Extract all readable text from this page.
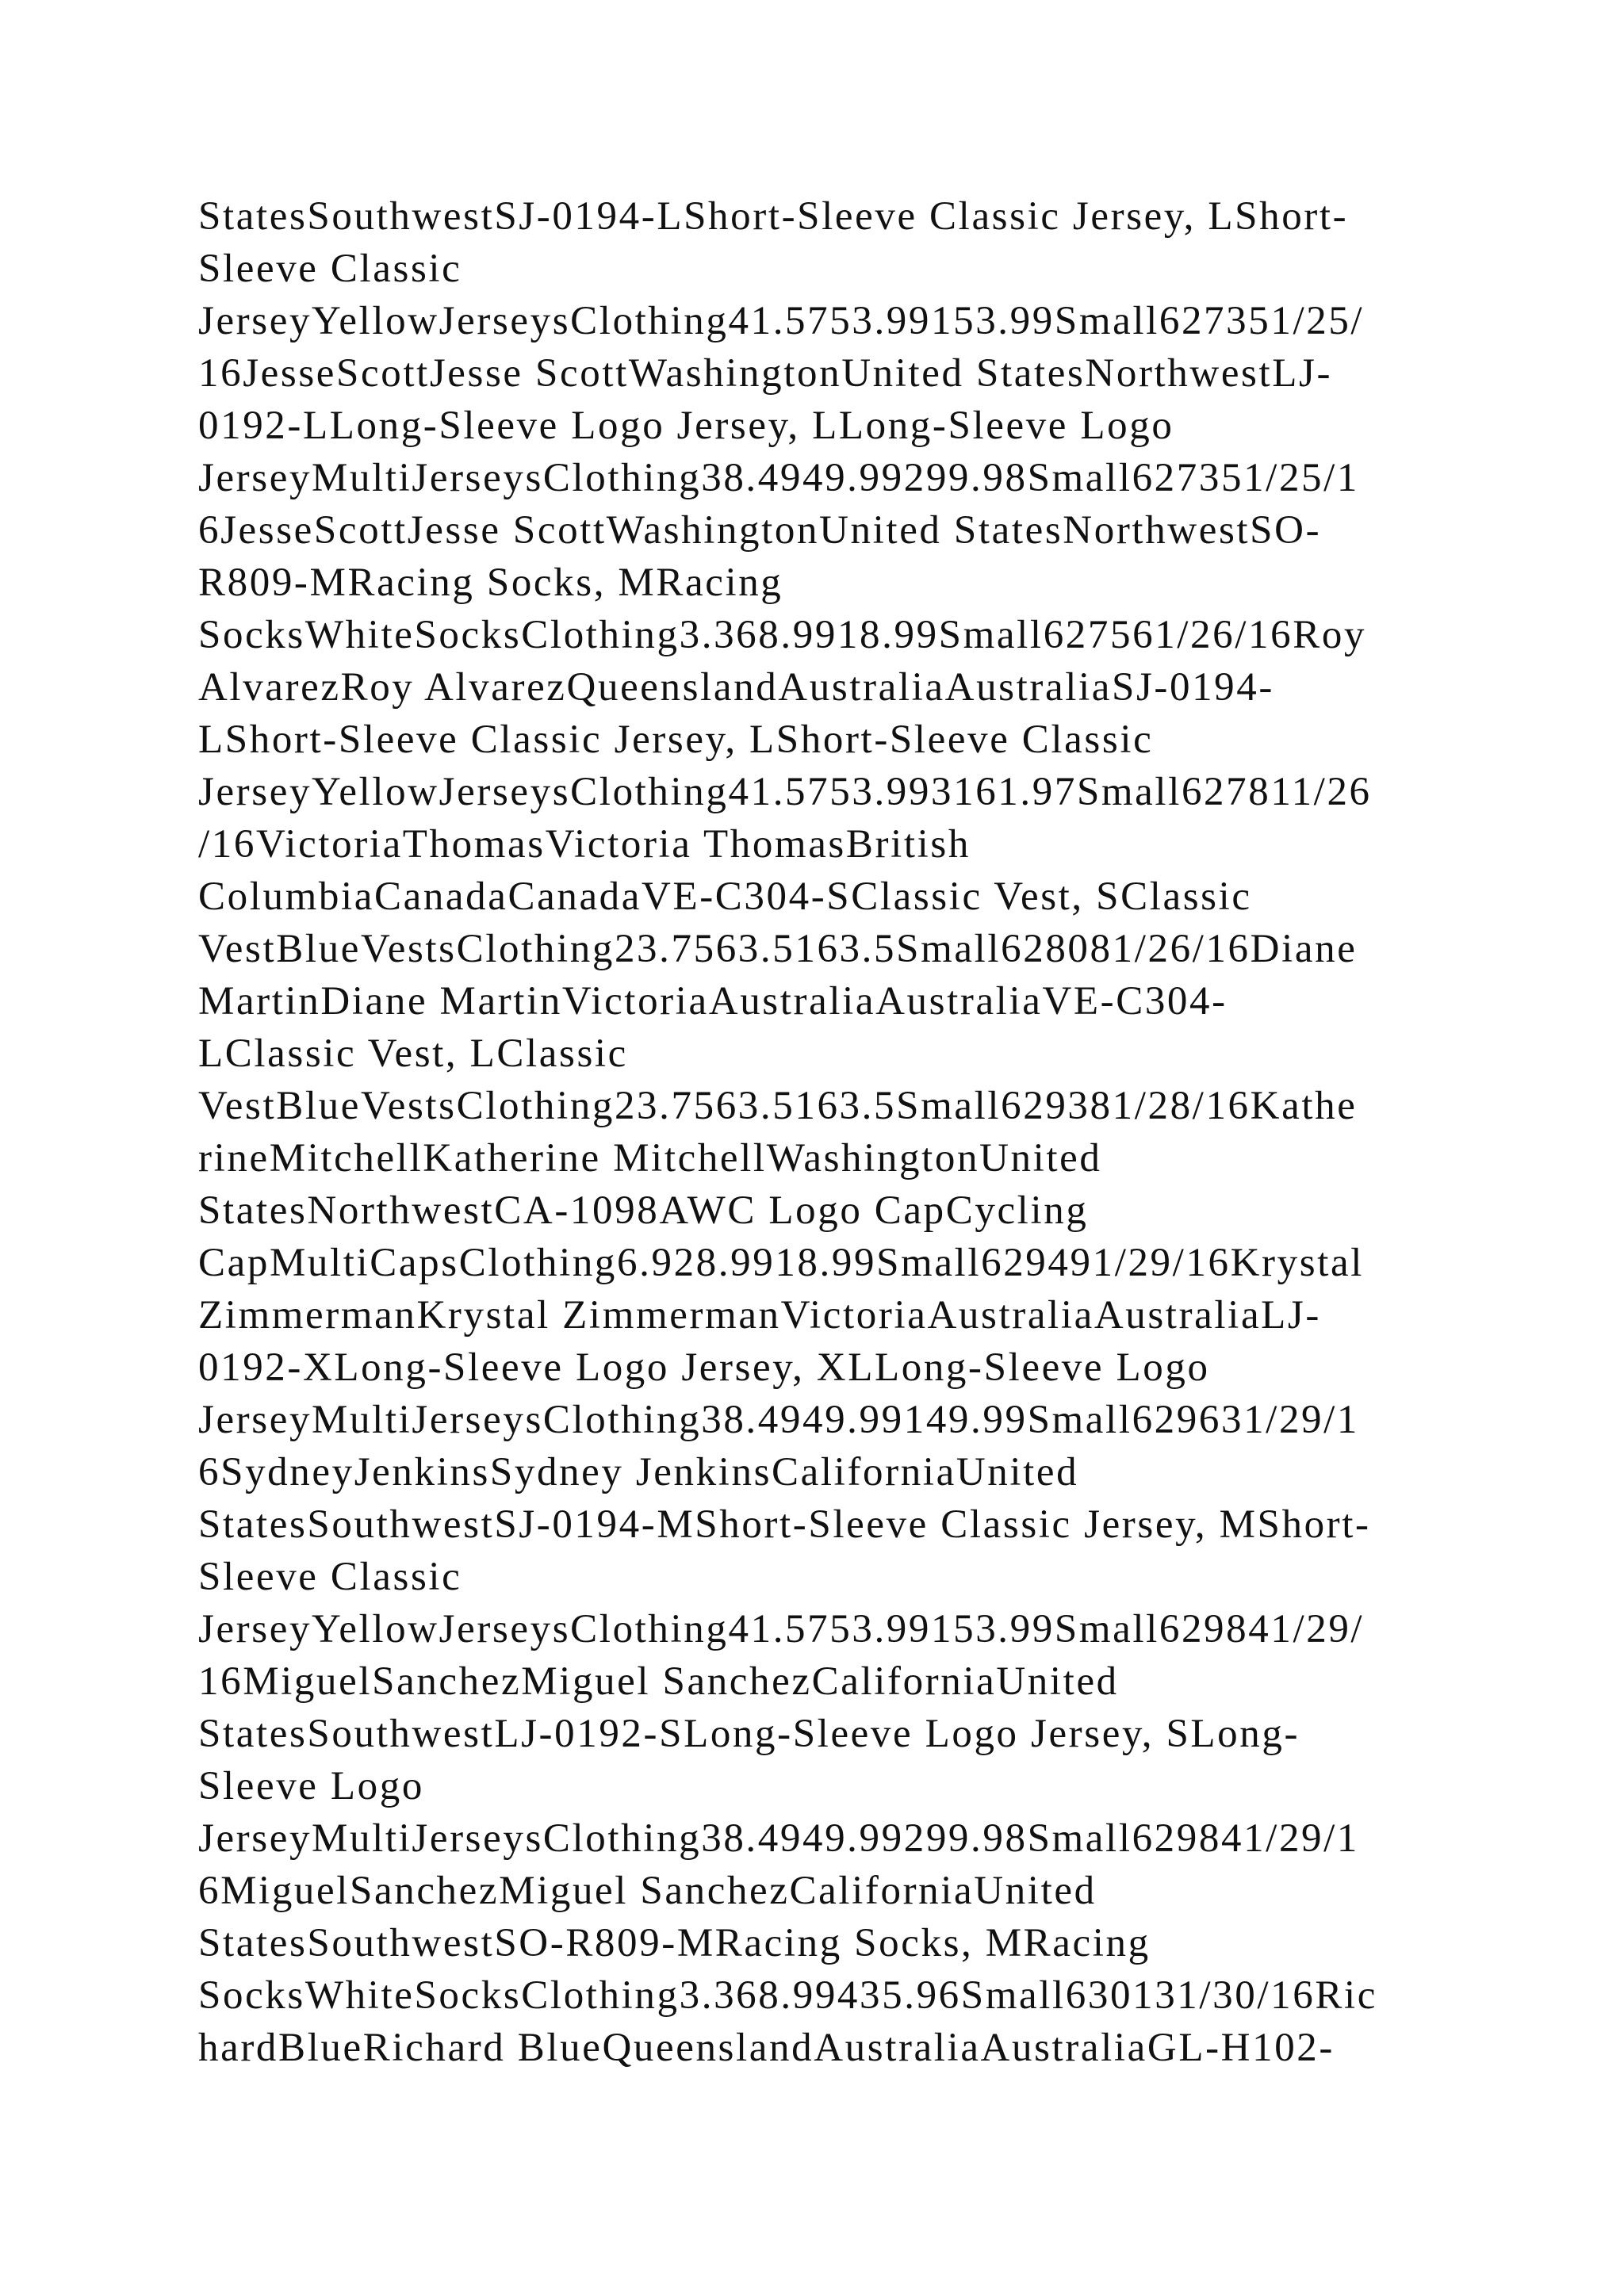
StatesSouthwestSJ-0194-LShort-Sleeve Classic Jersey, LShort-
Sleeve Classic
JerseyYellowJerseysClothing41.5753.99153.99Small627351/25/
16JesseScottJesse ScottWashingtonUnited StatesNorthwestLJ-
0192-LLong-Sleeve Logo Jersey, LLong-Sleeve Logo
JerseyMultiJerseysClothing38.4949.99299.98Small627351/25/1
6JesseScottJesse ScottWashingtonUnited StatesNorthwestSO-
R809-MRacing Socks, MRacing
SocksWhiteSocksClothing3.368.9918.99Small627561/26/16Roy
AlvarezRoy AlvarezQueenslandAustraliaAustraliaSJ-0194-
LShort-Sleeve Classic Jersey, LShort-Sleeve Classic
JerseyYellowJerseysClothing41.5753.993161.97Small627811/26
/16VictoriaThomasVictoria ThomasBritish
ColumbiaCanadaCanadaVE-C304-SClassic Vest, SClassic
VestBlueVestsClothing23.7563.5163.5Small628081/26/16Diane
MartinDiane MartinVictoriaAustraliaAustraliaVE-C304-
LClassic Vest, LClassic
VestBlueVestsClothing23.7563.5163.5Small629381/28/16Kathe
rineMitchellKatherine MitchellWashingtonUnited
StatesNorthwestCA-1098AWC Logo CapCycling
CapMultiCapsClothing6.928.9918.99Small629491/29/16Krystal
ZimmermanKrystal ZimmermanVictoriaAustraliaAustraliaLJ-
0192-XLong-Sleeve Logo Jersey, XLLong-Sleeve Logo
JerseyMultiJerseysClothing38.4949.99149.99Small629631/29/1
6SydneyJenkinsSydney JenkinsCaliforniaUnited
StatesSouthwestSJ-0194-MShort-Sleeve Classic Jersey, MShort-
Sleeve Classic
JerseyYellowJerseysClothing41.5753.99153.99Small629841/29/
16MiguelSanchezMiguel SanchezCaliforniaUnited
StatesSouthwestLJ-0192-SLong-Sleeve Logo Jersey, SLong-
Sleeve Logo
JerseyMultiJerseysClothing38.4949.99299.98Small629841/29/1
6MiguelSanchezMiguel SanchezCaliforniaUnited
StatesSouthwestSO-R809-MRacing Socks, MRacing
SocksWhiteSocksClothing3.368.99435.96Small630131/30/16Ric
hardBlueRichard BlueQueenslandAustraliaAustraliaGL-H102-
